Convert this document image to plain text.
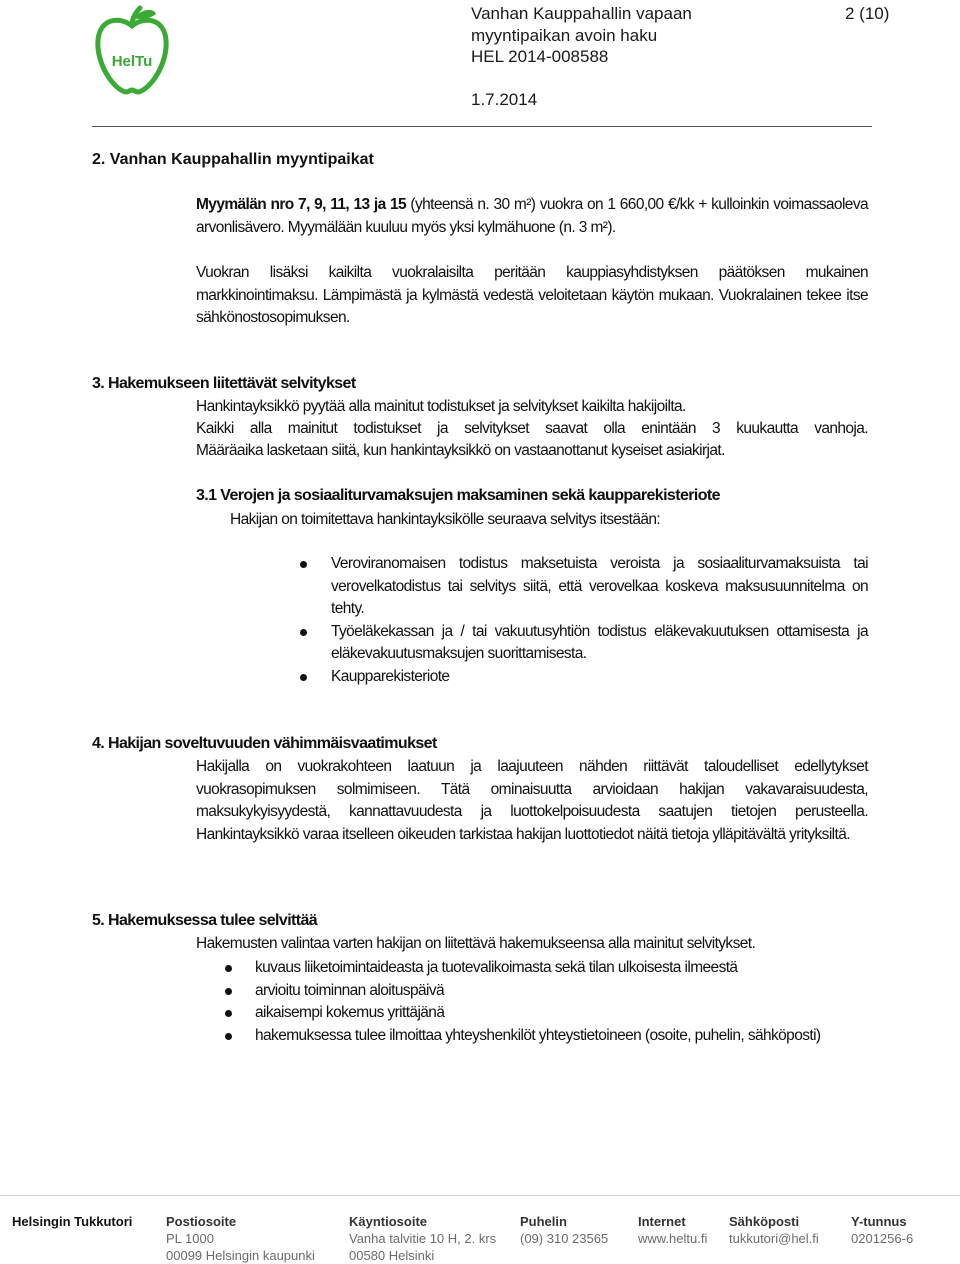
HelTu
Vanhan Kauppahallin vapaan
myyntipaikan avoin haku
HEL 2014-008588
1.7.2014
2 (10)
2. Vanhan Kauppahallin myyntipaikat
Myymälän nro 7, 9, 11, 13 ja 15 (yhteensä n. 30 m²) vuokra on 1 660,00 €/kk + kulloinkin voimassaoleva arvonlisävero. Myymälään kuuluu myös yksi kylmähuone (n. 3 m²).
Vuokran lisäksi kaikilta vuokralaisilta peritään kauppiasyhdistyksen päätöksen mukainen markkinointimaksu. Lämpimästä ja kylmästä vedestä veloitetaan käytön mukaan. Vuokralainen tekee itse sähkönostosopimuksen.
3. Hakemukseen liitettävät selvitykset
Hankintayksikkö pyytää alla mainitut todistukset ja selvitykset kaikilta hakijoilta.
Kaikki alla mainitut todistukset ja selvitykset saavat olla enintään 3 kuukautta vanhoja.
Määräaika lasketaan siitä, kun hankintayksikkö on vastaanottanut kyseiset asiakirjat.
3.1 Verojen ja sosiaaliturvamaksujen maksaminen sekä kaupparekisteriote
Hakijan on toimitettava hankintayksikölle seuraava selvitys itsestään:
Veroviranomaisen todistus maksetuista veroista ja sosiaaliturvamaksuista tai verovelkatodistus tai selvitys siitä, että verovelkaa koskeva maksusuunnitelma on tehty.
Työeläkekassan ja / tai vakuutusyhtiön todistus eläkevakuutuksen ottamisesta ja eläkevakuutusmaksujen suorittamisesta.
Kaupparekisteriote
4. Hakijan soveltuvuuden vähimmäisvaatimukset
Hakijalla on vuokrakohteen laatuun ja laajuuteen nähden riittävät taloudelliset edellytykset vuokrasopimuksen solmimiseen. Tätä ominaisuutta arvioidaan hakijan vakavaraisuudesta, maksukykyisyydestä, kannattavuudesta ja luottokelpoisuudesta saatujen tietojen perusteella. Hankintayksikkö varaa itselleen oikeuden tarkistaa hakijan luottotiedot näitä tietoja ylläpitävältä yrityksiltä.
5. Hakemuksessa tulee selvittää
Hakemusten valintaa varten hakijan on liitettävä hakemukseensa alla mainitut selvitykset.
kuvaus liiketoimintaideasta ja tuotevalikoimasta sekä tilan ulkoisesta ilmeestä
arvioitu toiminnan aloituspäivä
aikaisempi kokemus yrittäjänä
hakemuksessa tulee ilmoittaa yhteyshenkilöt yhteystietoineen (osoite, puhelin, sähköposti)
Helsingin Tukkutori	Postiosoite
PL 1000
00099 Helsingin kaupunki
Käyntiosoite
Vanha talvitie 10 H, 2. krs
00580 Helsinki
Puhelin
(09) 310 23565
Internet
www.heltu.fi
Sähköposti
tukkutori@hel.fi
Y-tunnus
0201256-6
